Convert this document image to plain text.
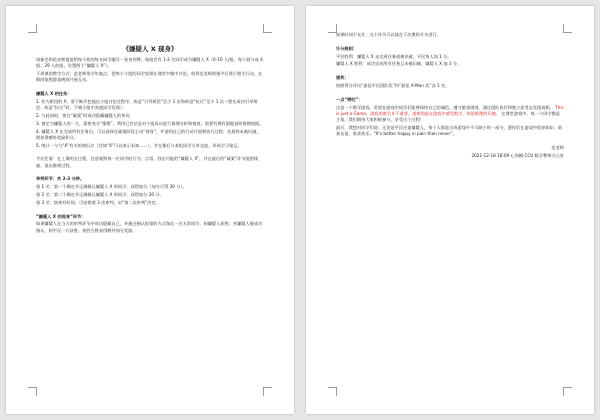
《嫌疑人 X 现身》

请新会和范老师提前给每个班的每名同学编号一张身份牌，每组会有 1-2 名同学成为嫌疑人 X（6-10 人/组，每个班分成 4 组；29 人的组，设置两个“嫌疑人 X”）。

下周课的教学方式：范老师依学年地点，把每个小组的同学安排在课堂中集中讨论，收到范老师的指令后进行相关行动，在期间依照游戏规则开展互动。

嫌疑人 X 的任务：

1. 作为阶段的 X，要不断声色地在小组讨论过程中，故意“引导辩论”至少 1 次和故意“抗议”至少 1 次（要在成功引导辩论、故意“抗议”时，不被小组中其他同学发现）；

2. 与此同时，要在“破案”时成功隐藏嫌疑人的身份。

3. 被定为嫌疑人的一方，需要充分“推理”，利用已有信息对小组成员进行推理分析和排查，需要有理有据地说明推理依据。

4. 嫌疑人 X 在完成所有任务后，可以选择在破案阶段主动“现身”，并说明自己的行动计划和执行过程；若最终未被识破，则获得额外奖励积分。

5. 统计一与与“X”有关的知识点（比如“X”可以表示未知……），并在课后与本组同学分享交流，形成学习笔记。

平民任务：在上课的全过程，注意观察每一位同学的行为、言语，找出可能的“嫌疑人 X”，并在最后的“破案”环节提供线索，说出推理过程。

审判环节：共 2-3 分钟。

第 1 名：第一个确定并正确指认嫌疑人 X 的同学，获得加分（加分可得 30 分）。

第 2 名：第二个确定并正确指认嫌疑人 X 的同学，获得加分 20 分。

第 3 名：如果有时间，可安排第 3 次审判，由“第二次审判”决定。

“嫌疑人 X 的现身”环节：

如果嫌疑人在当天的审判环节中成功隐藏自己，并通过指认投票的方式淘汰一名无辜同学，则嫌疑人获胜；若嫌疑人被成功指认，则平民一方获胜。获胜方将获得额外加分奖励。

如果时间不允许，这个环节可以放在下次课的开头进行。

计分规则：

平民胜利：嫌疑人 X 未完成任务或被识破，平民每人加 1 分。

嫌疑人 X 胜利：成功完成所有任务且未被识破，嫌疑人 X 加 3 分。

颁奖：

按照得分评出“最佳平民团队奖”和“最佳 X-Man 奖”各 1 名。

一点“唠叨”：

这是一个数学游戏，希望在游戏中同学们能够保持自己的诚信，遵守游戏规则，通过团队协作和独立思考去发现真相。 This is just a Game，游戏的胜负并不重要，重要的是在游戏中感受数学、体验推理的乐趣。 在课堂游戏中，每一个同学都是主角，我们期待大家积极参与，享受这个过程！

最后，我想对同学们说：无论是平民还是嫌疑人，每个人都是这场游戏中不可缺少的一部分，愿你们在游戏中收获知识、收获友谊、收获快乐。“It's better happy in pain than never”。

范老师

2021-12-18 18:09 心尚桐 CCU 数学教师办公室
